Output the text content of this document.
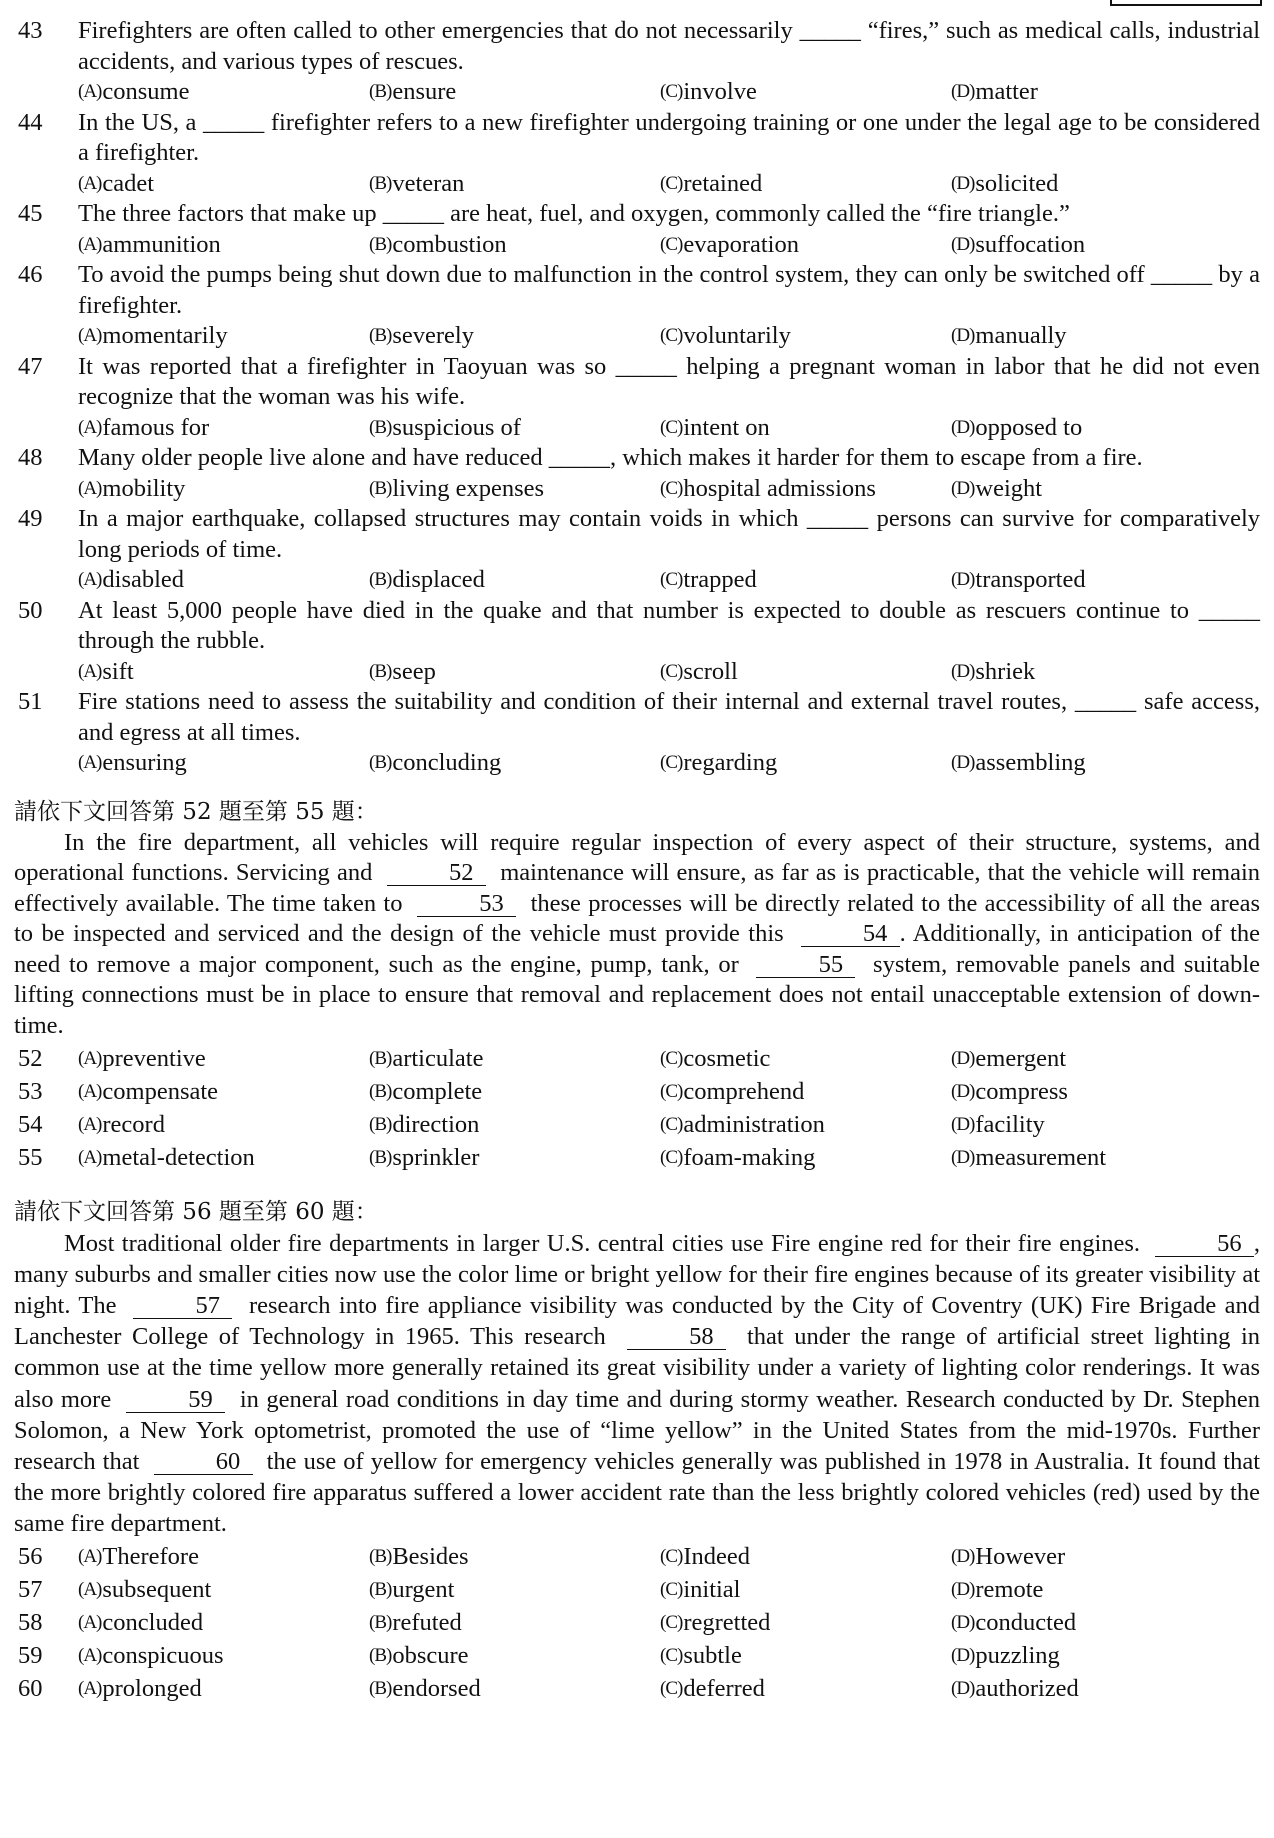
43	Firefighters are often called to other emergencies that do not necessarily _____ “fires,” such as medical calls, industrial accidents, and various types of rescues.
(A) consume	(B) ensure	(C) involve	(D) matter
44	In the US, a _____ firefighter refers to a new firefighter undergoing training or one under the legal age to be considered a firefighter.
(A) cadet	(B) veteran	(C) retained	(D) solicited
45	The three factors that make up _____ are heat, fuel, and oxygen, commonly called the “fire triangle.”
(A) ammunition	(B) combustion	(C) evaporation	(D) suffocation
46	To avoid the pumps being shut down due to malfunction in the control system, they can only be switched off _____ by a firefighter.
(A) momentarily	(B) severely	(C) voluntarily	(D) manually
47	It was reported that a firefighter in Taoyuan was so _____ helping a pregnant woman in labor that he did not even recognize that the woman was his wife.
(A) famous for	(B) suspicious of	(C) intent on	(D) opposed to
48	Many older people live alone and have reduced _____, which makes it harder for them to escape from a fire.
(A) mobility	(B) living expenses	(C) hospital admissions	(D) weight
49	In a major earthquake, collapsed structures may contain voids in which _____ persons can survive for comparatively long periods of time.
(A) disabled	(B) displaced	(C) trapped	(D) transported
50	At least 5,000 people have died in the quake and that number is expected to double as rescuers continue to _____ through the rubble.
(A) sift	(B) seep	(C) scroll	(D) shriek
51	Fire stations need to assess the suitability and condition of their internal and external travel routes, _____ safe access, and egress at all times.
(A) ensuring	(B) concluding	(C) regarding	(D) assembling
請依下文回答第 52 題至第 55 題：
In the fire department, all vehicles will require regular inspection of every aspect of their structure, systems, and operational functions. Servicing and	52 maintenance will ensure, as far as is practicable, that the vehicle will remain effectively available. The time taken to	53 these processes will be directly related to the accessibility of all the areas to be inspected and serviced and the design of the vehicle must provide this	54 . Additionally, in anticipation of the need to remove a major component, such as the engine, pump, tank, or	55 system, removable panels and suitable lifting connections must be in place to ensure that removal and replacement does not entail unacceptable extension of down-time.
52	(A) preventive	(B) articulate	(C) cosmetic	(D) emergent
53	(A) compensate	(B) complete	(C) comprehend	(D) compress
54	(A) record	(B) direction	(C) administration	(D) facility
55	(A) metal-detection	(B) sprinkler	(C) foam-making	(D) measurement
請依下文回答第 56 題至第 60 題：
Most traditional older fire departments in larger U.S. central cities use Fire engine red for their fire engines.	56 , many suburbs and smaller cities now use the color lime or bright yellow for their fire engines because of its greater visibility at night. The	57 research into fire appliance visibility was conducted by the City of Coventry (UK) Fire Brigade and Lanchester College of Technology in 1965. This research	58 that under the range of artificial street lighting in common use at the time yellow more generally retained its great visibility under a variety of lighting color renderings. It was also more	59 in general road conditions in day time and during stormy weather. Research conducted by Dr. Stephen Solomon, a New York optometrist, promoted the use of “lime yellow” in the United States from the mid-1970s. Further research that	60 the use of yellow for emergency vehicles generally was published in 1978 in Australia. It found that the more brightly colored fire apparatus suffered a lower accident rate than the less brightly colored vehicles (red) used by the same fire department.
56	(A) Therefore	(B) Besides	(C) Indeed	(D) However
57	(A) subsequent	(B) urgent	(C) initial	(D) remote
58	(A) concluded	(B) refuted	(C) regretted	(D) conducted
59	(A) conspicuous	(B) obscure	(C) subtle	(D) puzzling
60	(A) prolonged	(B) endorsed	(C) deferred	(D) authorized
